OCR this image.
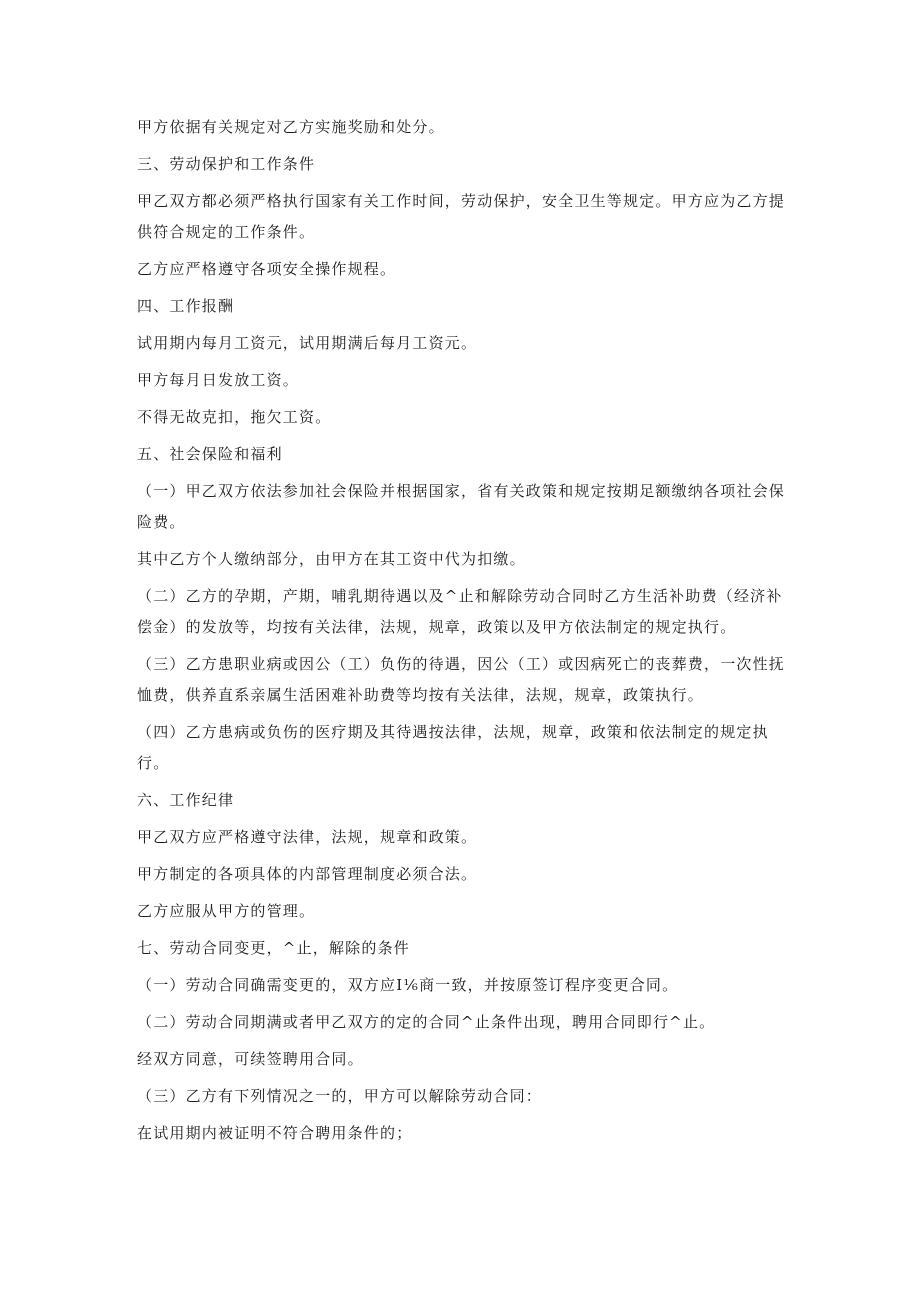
甲方依据有关规定对乙方实施奖励和处分。

三、劳动保护和工作条件

甲乙双方都必须严格执行国家有关工作时间，劳动保护，安全卫生等规定。甲方应为乙方提供符合规定的工作条件。

乙方应严格遵守各项安全操作规程。

四、工作报酬

试用期内每月工资元，试用期满后每月工资元。

甲方每月日发放工资。

不得无故克扣，拖欠工资。

五、社会保险和福利

（一）甲乙双方依法参加社会保险并根据国家，省有关政策和规定按期足额缴纳各项社会保险费。

其中乙方个人缴纳部分，由甲方在其工资中代为扣缴。

（二）乙方的孕期，产期，哺乳期待遇以及^止和解除劳动合同时乙方生活补助费（经济补偿金）的发放等，均按有关法律，法规，规章，政策以及甲方依法制定的规定执行。

（三）乙方患职业病或因公（工）负伤的待遇，因公（工）或因病死亡的丧葬费，一次性抚恤费，供养直系亲属生活困难补助费等均按有关法律，法规，规章，政策执行。

（四）乙方患病或负伤的医疗期及其待遇按法律，法规，规章，政策和依法制定的规定执行。

六、工作纪律

甲乙双方应严格遵守法律，法规，规章和政策。

甲方制定的各项具体的内部管理制度必须合法。

乙方应服从甲方的管理。

七、劳动合同变更，^止，解除的条件

（一）劳动合同确需变更的，双方应I⅙商一致，并按原签订程序变更合同。

（二）劳动合同期满或者甲乙双方的定的合同^止条件出现，聘用合同即行^止。

经双方同意，可续签聘用合同。

（三）乙方有下列情况之一的，甲方可以解除劳动合同：

在试用期内被证明不符合聘用条件的；
